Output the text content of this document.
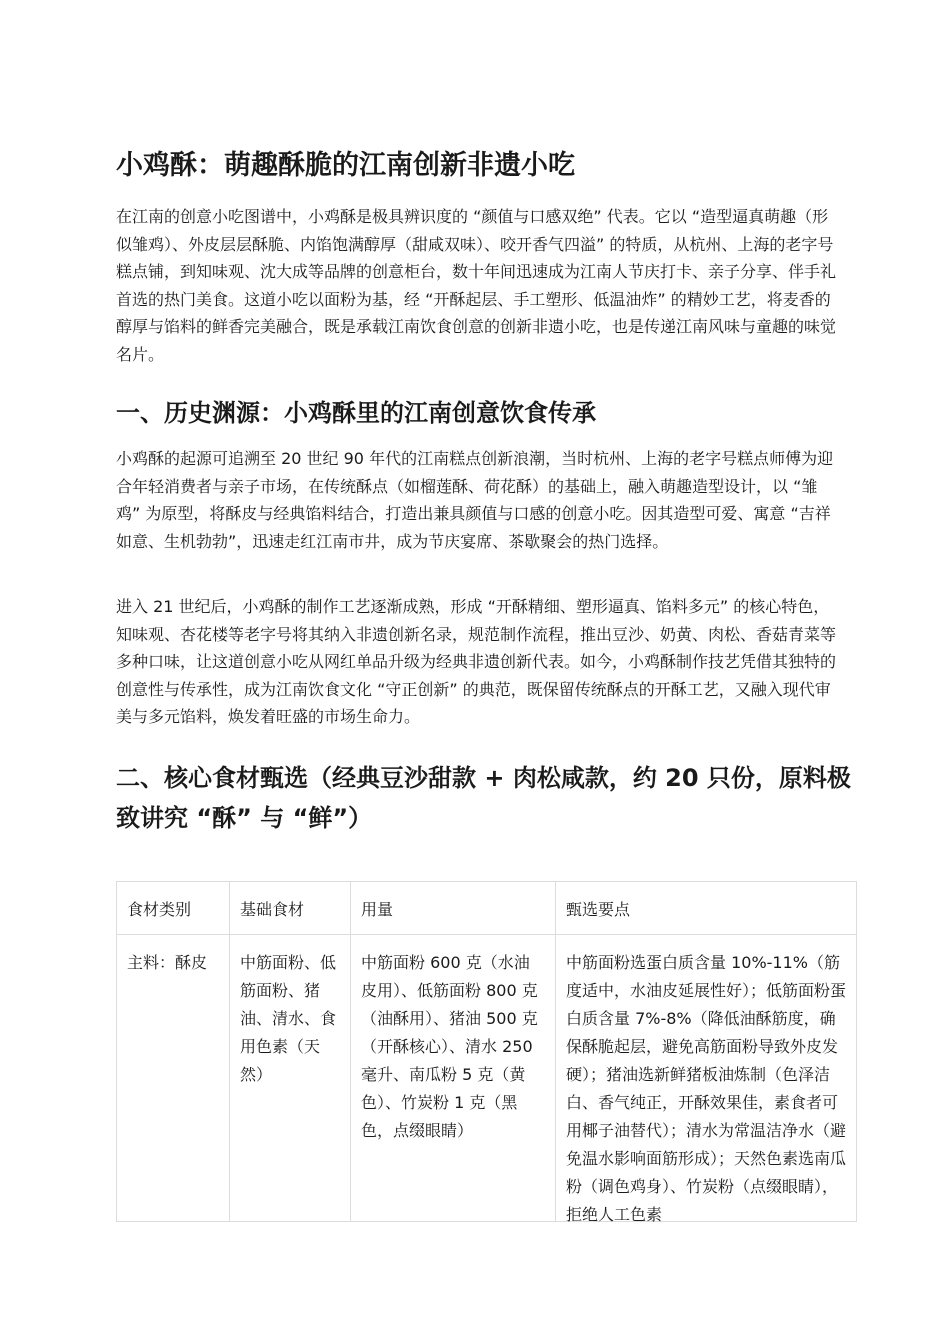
小鸡酥：萌趣酥脆的江南创新非遗小吃

在江南的创意小吃图谱中，小鸡酥是极具辨识度的 “颜值与口感双绝” 代表。它以 “造型逼真萌趣（形似雏鸡）、外皮层层酥脆、内馅饱满醇厚（甜咸双味）、咬开香气四溢” 的特质，从杭州、上海的老字号糕点铺，到知味观、沈大成等品牌的创意柜台，数十年间迅速成为江南人节庆打卡、亲子分享、伴手礼首选的热门美食。这道小吃以面粉为基，经 “开酥起层、手工塑形、低温油炸” 的精妙工艺，将麦香的醇厚与馅料的鲜香完美融合，既是承载江南饮食创意的创新非遗小吃，也是传递江南风味与童趣的味觉名片。

一、历史渊源：小鸡酥里的江南创意饮食传承

小鸡酥的起源可追溯至 20 世纪 90 年代的江南糕点创新浪潮，当时杭州、上海的老字号糕点师傅为迎合年轻消费者与亲子市场，在传统酥点（如榴莲酥、荷花酥）的基础上，融入萌趣造型设计，以 “雏鸡” 为原型，将酥皮与经典馅料结合，打造出兼具颜值与口感的创意小吃。因其造型可爱、寓意 “吉祥如意、生机勃勃”，迅速走红江南市井，成为节庆宴席、茶歇聚会的热门选择。

进入 21 世纪后，小鸡酥的制作工艺逐渐成熟，形成 “开酥精细、塑形逼真、馅料多元” 的核心特色，知味观、杏花楼等老字号将其纳入非遗创新名录，规范制作流程，推出豆沙、奶黄、肉松、香菇青菜等多种口味，让这道创意小吃从网红单品升级为经典非遗创新代表。如今，小鸡酥制作技艺凭借其独特的创意性与传承性，成为江南饮食文化 “守正创新” 的典范，既保留传统酥点的开酥工艺，又融入现代审美与多元馅料，焕发着旺盛的市场生命力。

二、核心食材甄选（经典豆沙甜款 + 肉松咸款，约 20 只份，原料极致讲究 “酥” 与 “鲜”）
食材类别	基础食材	用量	甄选要点

主料：酥皮	中筋面粉、低筋面粉、猪油、清水、食用色素（天然）	中筋面粉 600 克（水油皮用）、低筋面粉 800 克（油酥用）、猪油 500 克（开酥核心）、清水 250 毫升、南瓜粉 5 克（黄色）、竹炭粉 1 克（黑色，点缀眼睛）	中筋面粉选蛋白质含量 10%-11%（筋度适中，水油皮延展性好）；低筋面粉蛋白质含量 7%-8%（降低油酥筋度，确保酥脆起层，避免高筋面粉导致外皮发硬）；猪油选新鲜猪板油炼制（色泽洁白、香气纯正，开酥效果佳，素食者可用椰子油替代）；清水为常温洁净水（避免温水影响面筋形成）；天然色素选南瓜粉（调色鸡身）、竹炭粉（点缀眼睛），拒绝人工色素
